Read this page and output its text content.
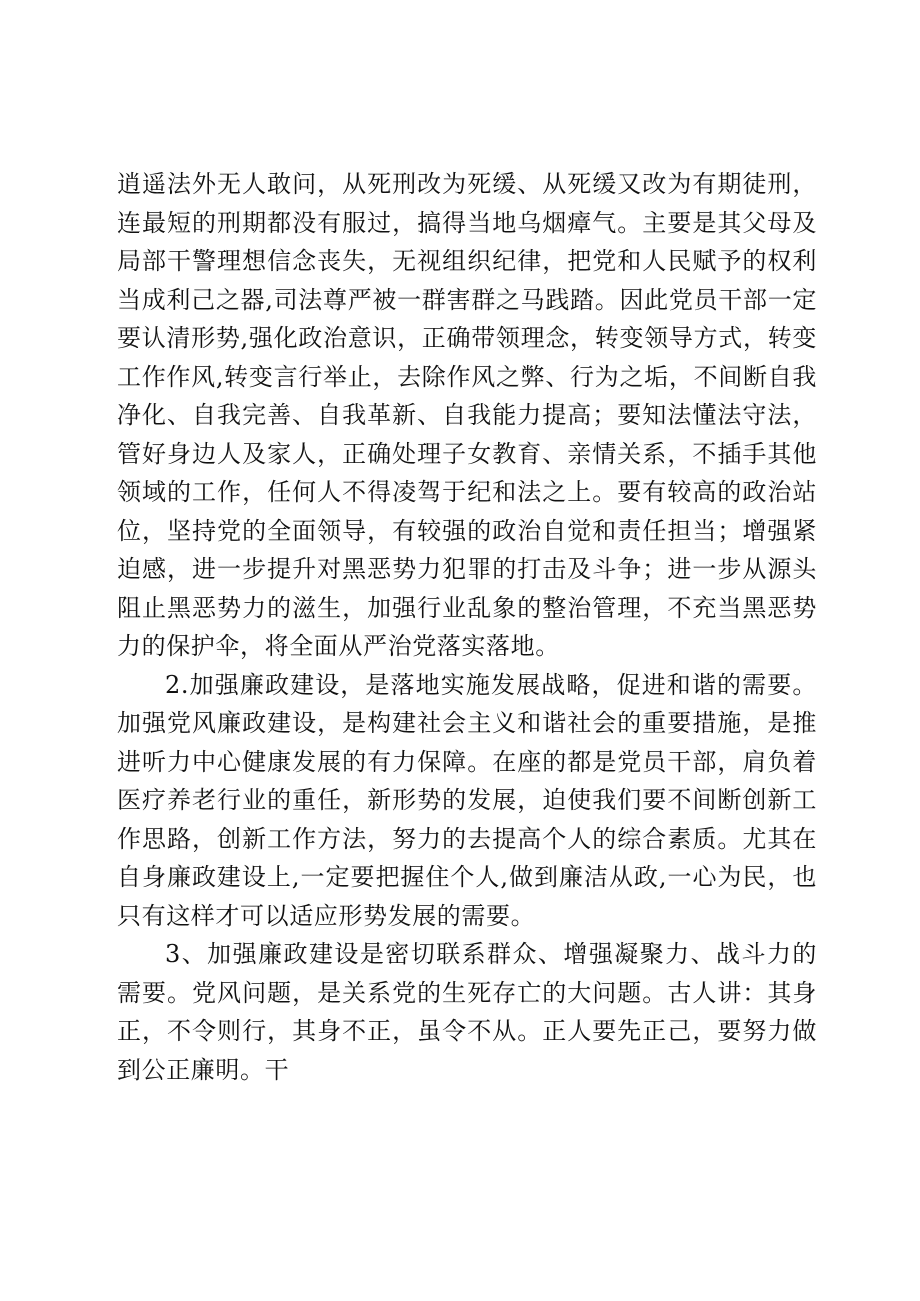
逍遥法外无人敢问，从死刑改为死缓、从死缓又改为有期徒刑，连最短的刑期都没有服过，搞得当地乌烟瘴气。主要是其父母及局部干警理想信念丧失，无视组织纪律，把党和人民赋予的权利当成利己之器,司法尊严被一群害群之马践踏。因此党员干部一定要认清形势,强化政治意识，正确带领理念，转变领导方式，转变工作作风,转变言行举止，去除作风之弊、行为之垢，不间断自我净化、自我完善、自我革新、自我能力提高；要知法懂法守法，管好身边人及家人，正确处理子女教育、亲情关系，不插手其他领域的工作，任何人不得凌驾于纪和法之上。要有较高的政治站位，坚持党的全面领导，有较强的政治自觉和责任担当；增强紧迫感，进一步提升对黑恶势力犯罪的打击及斗争；进一步从源头阻止黑恶势力的滋生，加强行业乱象的整治管理，不充当黑恶势力的保护伞，将全面从严治党落实落地。

2.加强廉政建设，是落地实施发展战略，促进和谐的需要。加强党风廉政建设，是构建社会主义和谐社会的重要措施，是推进听力中心健康发展的有力保障。在座的都是党员干部，肩负着医疗养老行业的重任，新形势的发展，迫使我们要不间断创新工作思路，创新工作方法，努力的去提高个人的综合素质。尤其在自身廉政建设上,一定要把握住个人,做到廉洁从政,一心为民，也只有这样才可以适应形势发展的需要。

3、加强廉政建设是密切联系群众、增强凝聚力、战斗力的需要。党风问题，是关系党的生死存亡的大问题。古人讲：其身正，不令则行，其身不正，虽令不从。正人要先正己，要努力做到公正廉明。干
